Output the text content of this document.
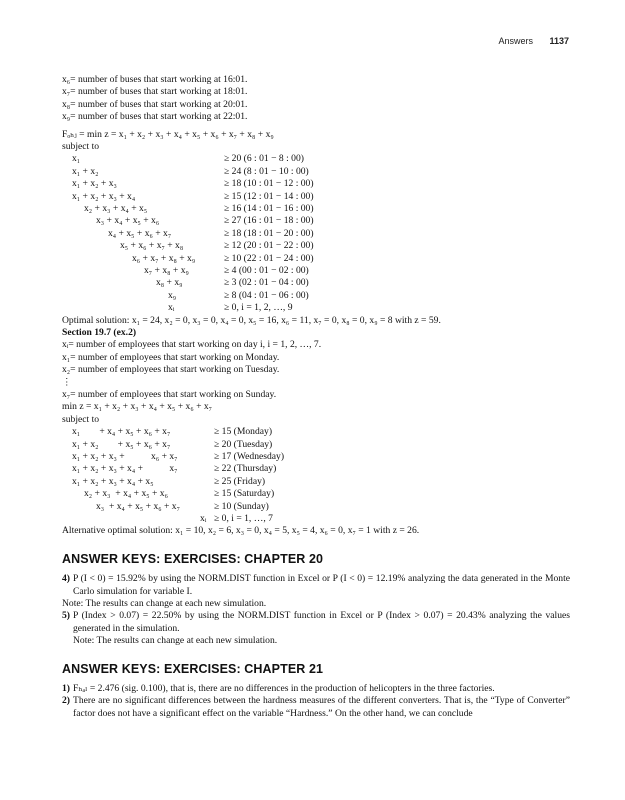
Answers 1137
x₆= number of buses that start working at 16:01.
x₇= number of buses that start working at 18:01.
x₈= number of buses that start working at 20:01.
x₉= number of buses that start working at 22:01.
Fₒₕⱼ = min z = x₁ + x₂ + x₃ + x₄ + x₅ + x₆ + x₇ + x₈ + x₉
subject to
x₁	≥ 20 (6 : 01 − 8 : 00)
x₁ + x₂	≥ 24 (8 : 01 − 10 : 00)
x₁ + x₂ + x₃	≥ 18 (10 : 01 − 12 : 00)
x₁ + x₂ + x₃ + x₄	≥ 15 (12 : 01 − 14 : 00)
x₂ + x₃ + x₄ + x₅	≥ 16 (14 : 01 − 16 : 00)
x₃ + x₄ + x₅ + x₆	≥ 27 (16 : 01 − 18 : 00)
x₄ + x₅ + x₆ + x₇	≥ 18 (18 : 01 − 20 : 00)
x₅ + x₆ + x₇ + x₈	≥ 12 (20 : 01 − 22 : 00)
x₆ + x₇ + x₈ + x₉	≥ 10 (22 : 01 − 24 : 00)
x₇ + x₈ + x₉	≥ 4 (00 : 01 − 02 : 00)
x₈ + x₉	≥ 3 (02 : 01 − 04 : 00)
x₉	≥ 8 (04 : 01 − 06 : 00)
xᵢ	≥ 0, i = 1, 2, …, 9
Optimal solution: x₁ = 24, x₂ = 0, x₃ = 0, x₄ = 0, x₅ = 16, x₆ = 11, x₇ = 0, x₈ = 0, x₉ = 8 with z = 59.
Section 19.7 (ex.2)
xᵢ= number of employees that start working on day i, i = 1, 2, …, 7.
x₁= number of employees that start working on Monday.
x₂= number of employees that start working on Tuesday.
⋮
x₇= number of employees that start working on Sunday.
min z = x₁ + x₂ + x₃ + x₄ + x₅ + x₆ + x₇
subject to
x₁        + x₄ + x₅ + x₆ + x₇	≥ 15 (Monday)
x₁ + x₂        + x₅ + x₆ + x₇	≥ 20 (Tuesday)
x₁ + x₂ + x₃ +           x₆ + x₇	≥ 17 (Wednesday)
x₁ + x₂ + x₃ + x₄ +           x₇	≥ 22 (Thursday)
x₁ + x₂ + x₃ + x₄ + x₅	≥ 25 (Friday)
x₂ + x₃  + x₄ + x₅ + x₆	≥ 15 (Saturday)
x₃  + x₄ + x₅ + x₆ + x₇	≥ 10 (Sunday)
xᵢ ≥ 0, i = 1, …, 7
Alternative optimal solution: x₁ = 10, x₂ = 6, x₃ = 0, x₄ = 5, x₅ = 4, x₆ = 0, x₇ = 1 with z = 26.
ANSWER KEYS: EXERCISES: CHAPTER 20
4) P (I < 0) = 15.92% by using the NORM.DIST function in Excel or P (I < 0) = 12.19% analyzing the data generated in the Monte Carlo simulation for variable I.
Note: The results can change at each new simulation.
5) P (Index > 0.07) = 22.50% by using the NORM.DIST function in Excel or P (Index > 0.07) = 20.43% analyzing the values generated in the simulation.
Note: The results can change at each new simulation.
ANSWER KEYS: EXERCISES: CHAPTER 21
1) Fₕₐₗ = 2.476 (sig. 0.100), that is, there are no differences in the production of helicopters in the three factories.
2) There are no significant differences between the hardness measures of the different converters. That is, the “Type of Converter” factor does not have a significant effect on the variable “Hardness.” On the other hand, we can conclude
